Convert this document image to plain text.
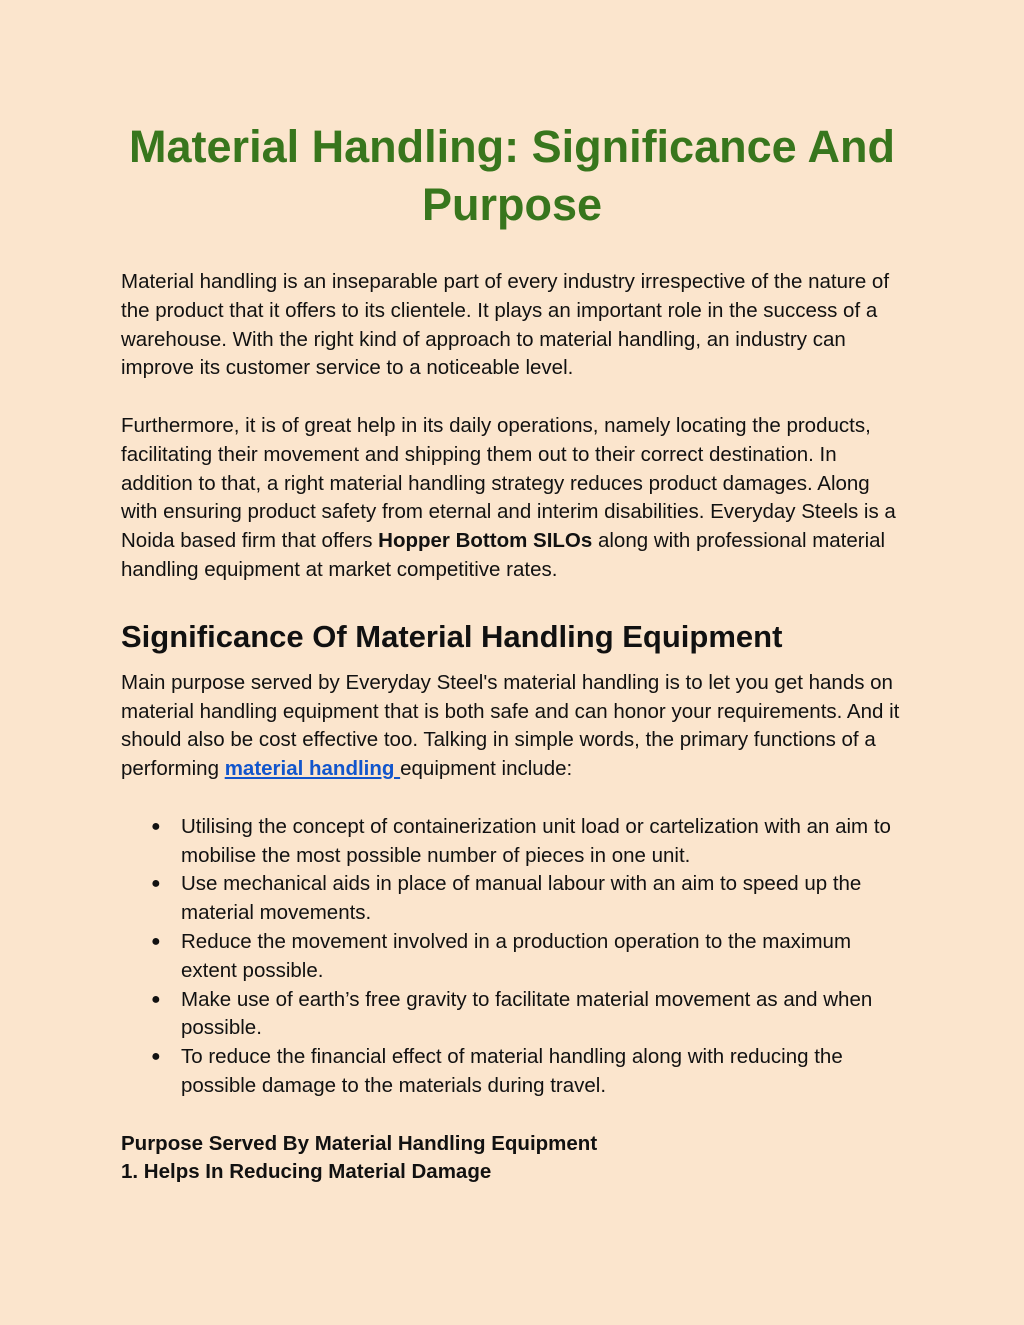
Material Handling: Significance And Purpose

Material handling is an inseparable part of every industry irrespective of the nature of the product that it offers to its clientele. It plays an important role in the success of a warehouse. With the right kind of approach to material handling, an industry can improve its customer service to a noticeable level.

Furthermore, it is of great help in its daily operations, namely locating the products, facilitating their movement and shipping them out to their correct destination. In addition to that, a right material handling strategy reduces product damages. Along with ensuring product safety from eternal and interim disabilities. Everyday Steels is a Noida based firm that offers Hopper Bottom SILOs along with professional material handling equipment at market competitive rates.

Significance Of Material Handling Equipment

Main purpose served by Everyday Steel's material handling is to let you get hands on material handling equipment that is both safe and can honor your requirements. And it should also be cost effective too. Talking in simple words, the primary functions of a performing material handling equipment include:

● Utilising the concept of containerization unit load or cartelization with an aim to mobilise the most possible number of pieces in one unit.
● Use mechanical aids in place of manual labour with an aim to speed up the material movements.
● Reduce the movement involved in a production operation to the maximum extent possible.
● Make use of earth’s free gravity to facilitate material movement as and when possible.
● To reduce the financial effect of material handling along with reducing the possible damage to the materials during travel.

Purpose Served By Material Handling Equipment

1. Helps In Reducing Material Damage
